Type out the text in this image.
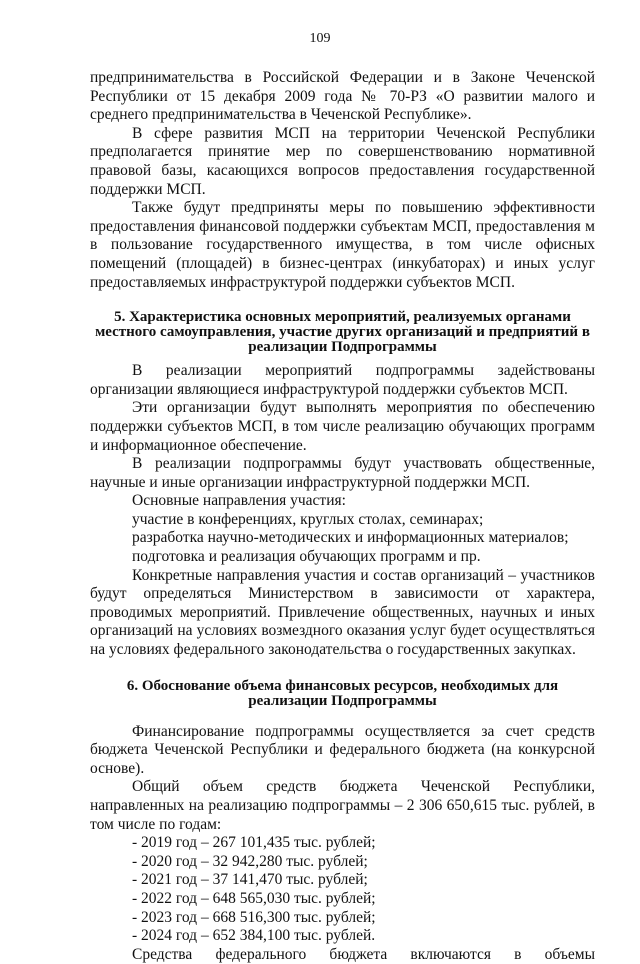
109

предпринимательства в Российской Федерации и в Законе Чеченской Республики от 15 декабря 2009 года № 70-РЗ «О развитии малого и среднего предпринимательства в Чеченской Республике».

В сфере развития МСП на территории Чеченской Республики предполагается принятие мер по совершенствованию нормативной правовой базы, касающихся вопросов предоставления государственной поддержки МСП.

Также будут предприняты меры по повышению эффективности предоставления финансовой поддержки субъектам МСП, предоставления м в пользование государственного имущества, в том числе офисных помещений (площадей) в бизнес-центрах (инкубаторах) и иных услуг предоставляемых инфраструктурой поддержки субъектов МСП.

5. Характеристика основных мероприятий, реализуемых органами местного самоуправления, участие других организаций и предприятий в реализации Подпрограммы

В реализации мероприятий подпрограммы задействованы организации являющиеся инфраструктурой поддержки субъектов МСП.

Эти организации будут выполнять мероприятия по обеспечению поддержки субъектов МСП, в том числе реализацию обучающих программ и информационное обеспечение.

В реализации подпрограммы будут участвовать общественные, научные и иные организации инфраструктурной поддержки МСП.

Основные направления участия:

участие в конференциях, круглых столах, семинарах;

разработка научно-методических и информационных материалов;

подготовка и реализация обучающих программ и пр.

Конкретные направления участия и состав организаций – участников будут определяться Министерством в зависимости от характера, проводимых мероприятий. Привлечение общественных, научных и иных организаций на условиях возмездного оказания услуг будет осуществляться на условиях федерального законодательства о государственных закупках.

6. Обоснование объема финансовых ресурсов, необходимых для реализации Подпрограммы

Финансирование подпрограммы осуществляется за счет средств бюджета Чеченской Республики и федерального бюджета (на конкурсной основе).

Общий объем средств бюджета Чеченской Республики, направленных на реализацию подпрограммы – 2 306 650,615 тыс. рублей, в том числе по годам:

- 2019 год – 267 101,435 тыс. рублей;

- 2020 год – 32 942,280 тыс. рублей;

- 2021 год – 37 141,470 тыс. рублей;

- 2022 год – 648 565,030 тыс. рублей;

- 2023 год – 668 516,300 тыс. рублей;

- 2024 год – 652 384,100 тыс. рублей.

Средства федерального бюджета включаются в объемы
